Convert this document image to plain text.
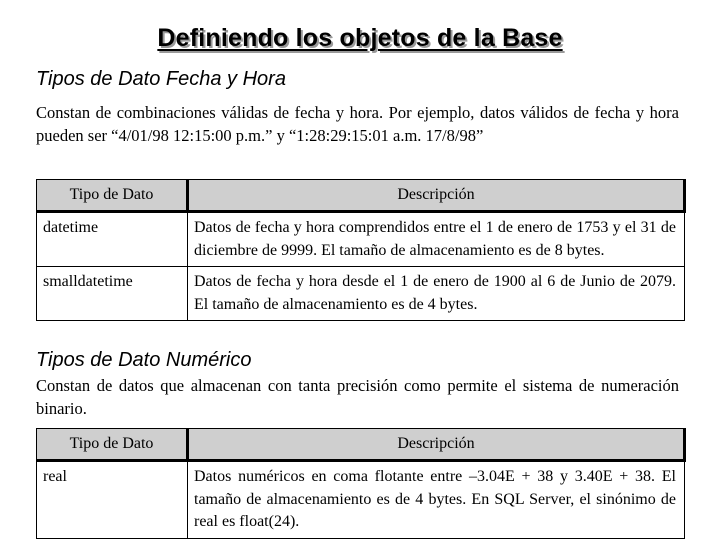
Definiendo los objetos de la Base
Tipos de Dato Fecha y Hora
Constan de combinaciones válidas de fecha y hora. Por ejemplo, datos válidos de fecha y hora pueden ser “4/01/98 12:15:00 p.m.” y “1:28:29:15:01 a.m. 17/8/98”
Tipo de Dato	Descripción
datetime	Datos de fecha y hora comprendidos entre el 1 de enero de 1753 y el 31 de diciembre de 9999. El tamaño de almacenamiento es de 8 bytes.
smalldatetime	Datos de fecha y hora desde el 1 de enero de 1900 al 6 de Junio de 2079. El tamaño de almacenamiento es de 4 bytes.
Tipos de Dato Numérico
Constan de datos que almacenan con tanta precisión como permite el sistema de numeración binario.
Tipo de Dato	Descripción
real	Datos numéricos en coma flotante entre –3.04E + 38 y 3.40E + 38. El tamaño de almacenamiento es de 4 bytes. En SQL Server, el sinónimo de real es float(24).
